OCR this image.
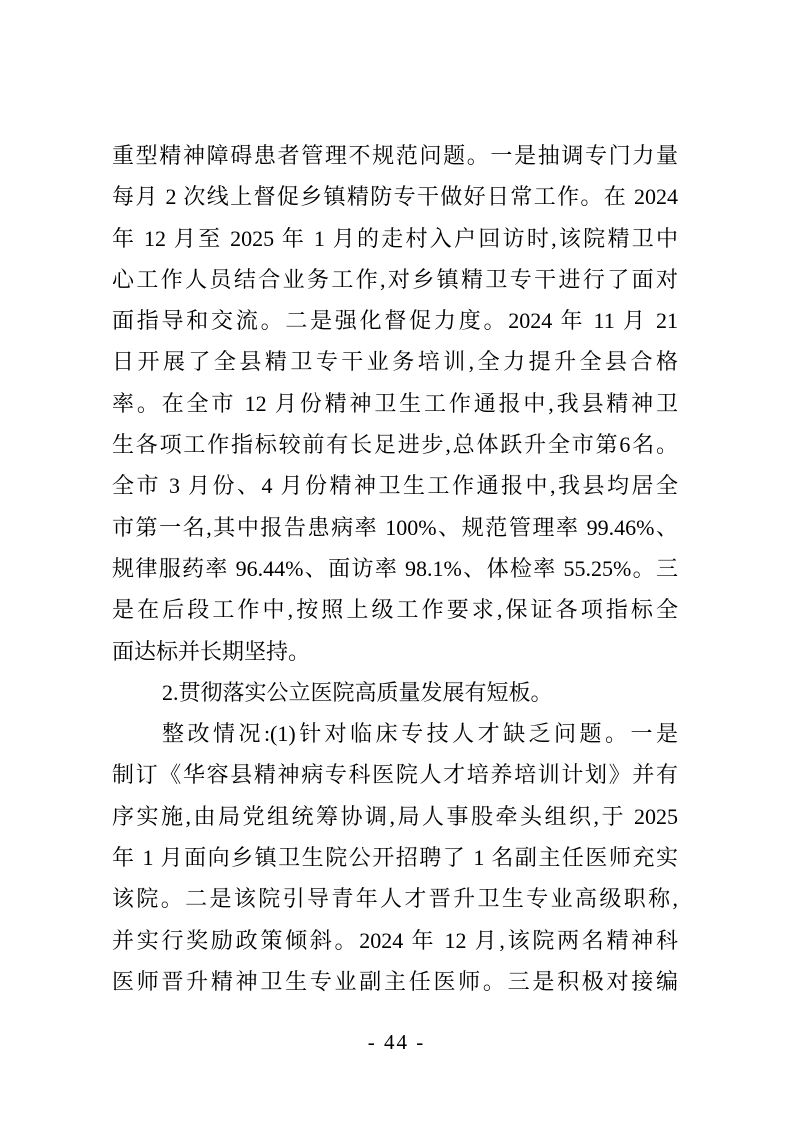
重型精神障碍患者管理不规范问题。一是抽调专门力量

每月 2 次线上督促乡镇精防专干做好日常工作。在 2024

年 12 月至 2025 年 1 月的走村入户回访时,该院精卫中

心工作人员结合业务工作,对乡镇精卫专干进行了面对

面指导和交流。二是强化督促力度。2024 年 11 月 21

日开展了全县精卫专干业务培训,全力提升全县合格

率。在全市 12 月份精神卫生工作通报中,我县精神卫

生各项工作指标较前有长足进步,总体跃升全市第6名。

全市 3 月份、4 月份精神卫生工作通报中,我县均居全

市第一名,其中报告患病率 100%、规范管理率 99.46%、

规律服药率 96.44%、面访率 98.1%、体检率 55.25%。三

是在后段工作中,按照上级工作要求,保证各项指标全

面达标并长期坚持。

2.贯彻落实公立医院高质量发展有短板。

整改情况:(1)针对临床专技人才缺乏问题。一是

制订《华容县精神病专科医院人才培养培训计划》并有

序实施,由局党组统筹协调,局人事股牵头组织,于 2025

年 1 月面向乡镇卫生院公开招聘了 1 名副主任医师充实

该院。二是该院引导青年人才晋升卫生专业高级职称,

并实行奖励政策倾斜。2024 年 12 月,该院两名精神科

医师晋升精神卫生专业副主任医师。三是积极对接编

- 44 -
